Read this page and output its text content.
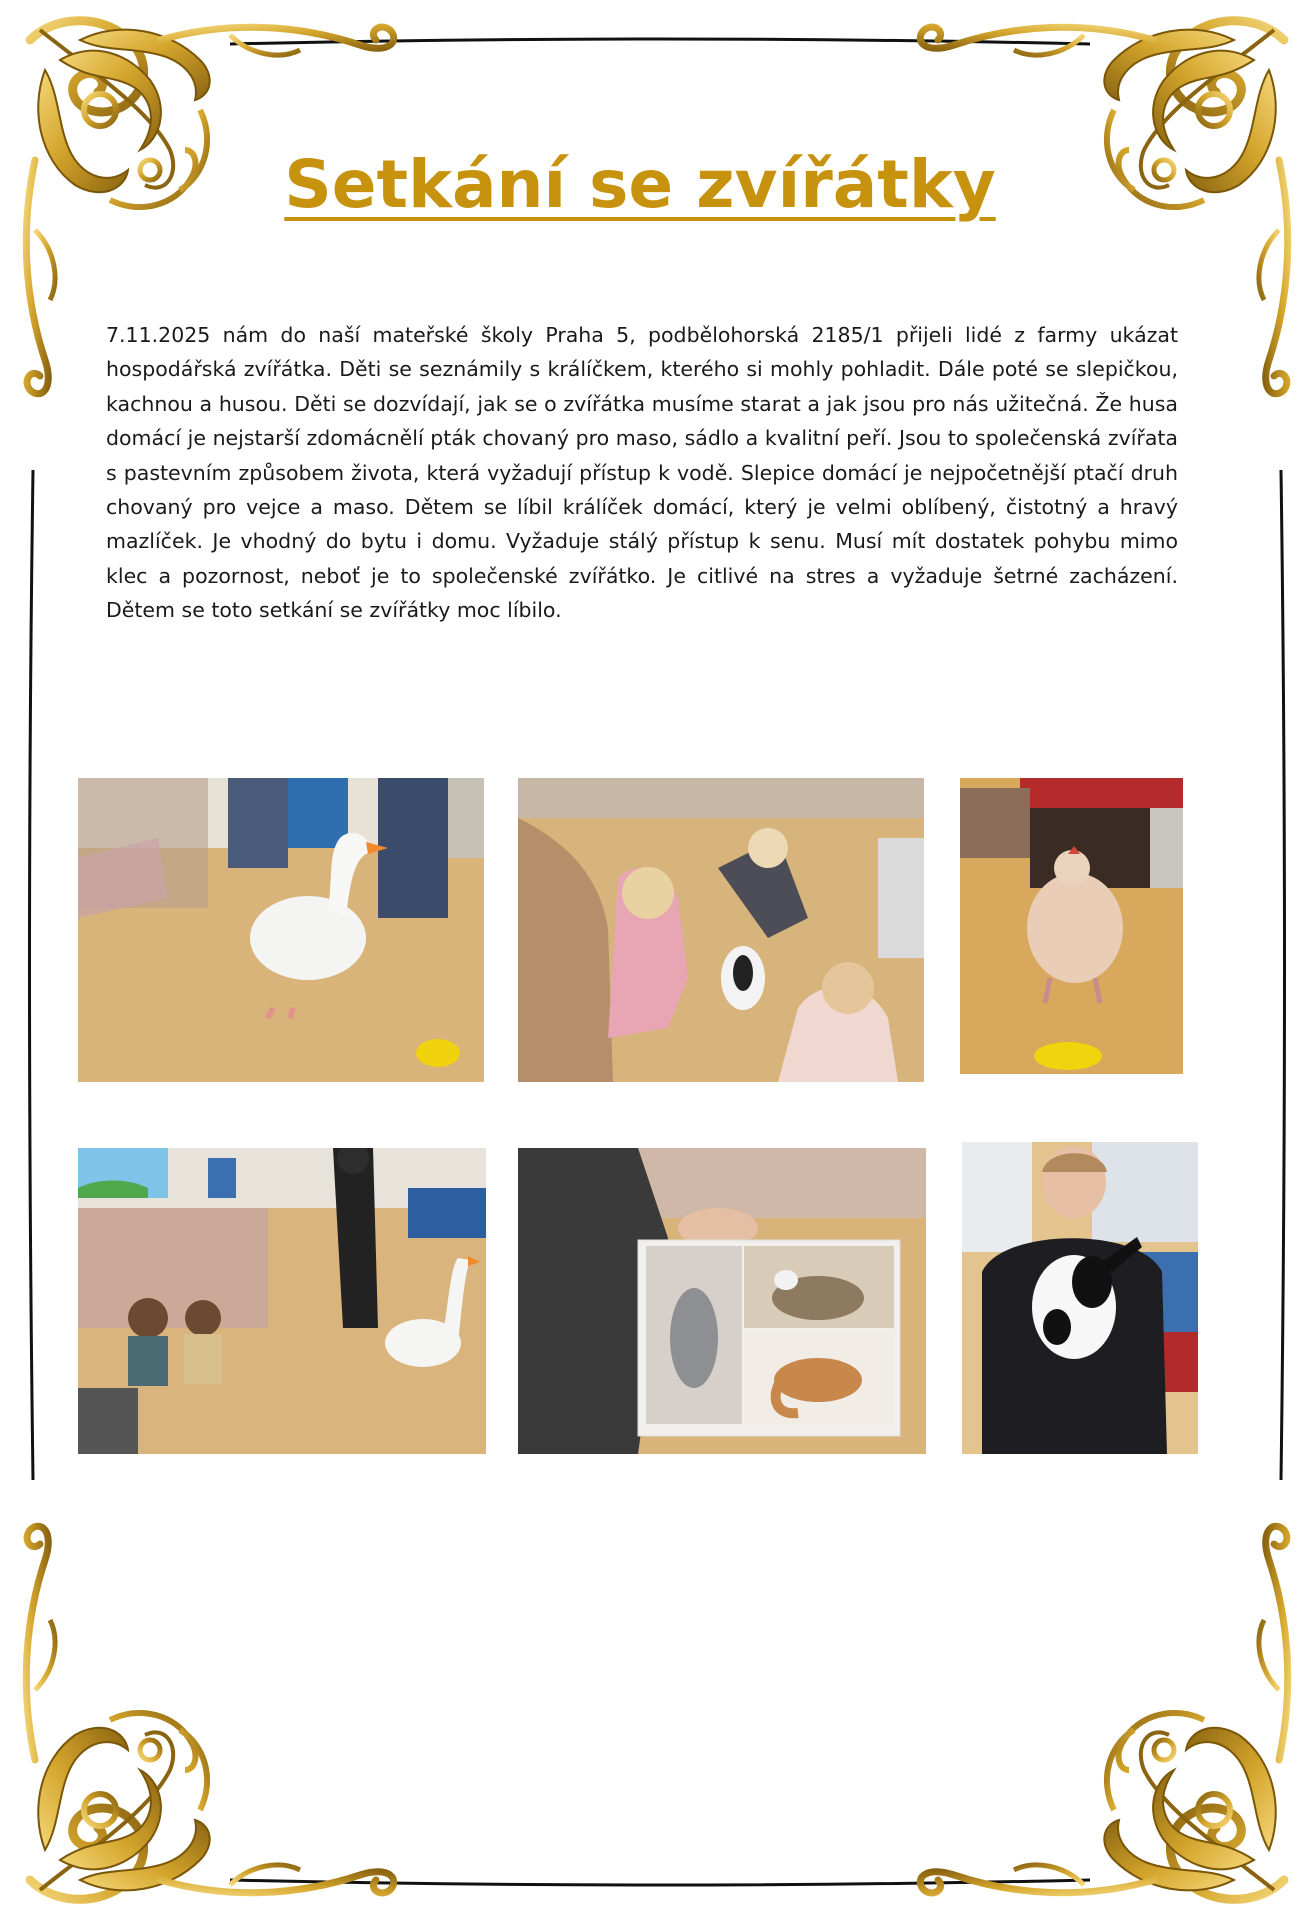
Setkání se zvířátky

7.11.2025 nám do naší mateřské školy Praha 5, podbělohorská 2185/1 přijeli lidé z farmy ukázat hospodářská zvířátka. Děti se seznámily s králíčkem, kterého si mohly pohladit. Dále poté se slepičkou, kachnou a husou. Děti se dozvídají, jak se o zvířátka musíme starat a jak jsou pro nás užitečná. Že husa domácí je nejstarší zdomácnělí pták chovaný pro maso, sádlo a kvalitní peří. Jsou to společenská zvířata s pastevním způsobem života, která vyžadují přístup k vodě. Slepice domácí je nejpočetnější ptačí druh chovaný pro vejce a maso. Dětem se líbil králíček domácí, který je velmi oblíbený, čistotný a hravý mazlíček. Je vhodný do bytu i domu. Vyžaduje stálý přístup k senu. Musí mít dostatek pohybu mimo klec a pozornost, neboť je to společenské zvířátko. Je citlivé na stres a vyžaduje šetrné zacházení. Dětem se toto setkání se zvířátky moc líbilo.
